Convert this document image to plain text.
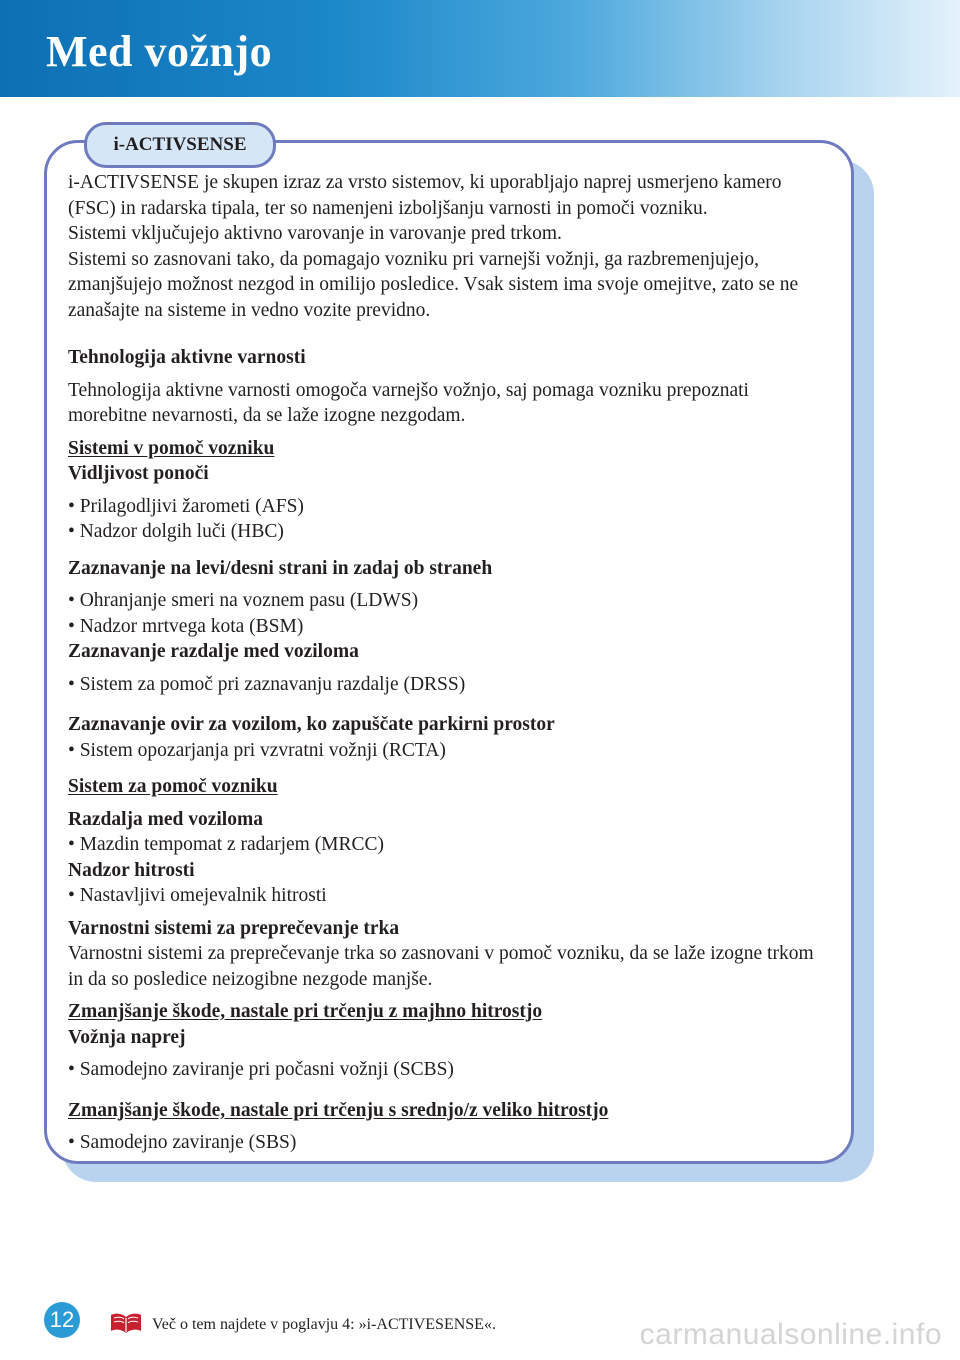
Med vožnjo
i-ACTIVSENSE

i-ACTIVSENSE je skupen izraz za vrsto sistemov, ki uporabljajo naprej usmerjeno kamero (FSC) in radarska tipala, ter so namenjeni izboljšanju varnosti in pomoči vozniku.

Sistemi vključujejo aktivno varovanje in varovanje pred trkom.

Sistemi so zasnovani tako, da pomagajo vozniku pri varnejši vožnji, ga razbremenjujejo, zmanjšujejo možnost nezgod in omilijo posledice. Vsak sistem ima svoje omejitve, zato se ne zanašajte na sisteme in vedno vozite previdno.

Tehnologija aktivne varnosti

Tehnologija aktivne varnosti omogoča varnejšo vožnjo, saj pomaga vozniku prepoznati morebitne nevarnosti, da se laže izogne nezgodam.

Sistemi v pomoč vozniku

Vidljivost ponoči

• Prilagodljivi žarometi (AFS)

• Nadzor dolgih luči (HBC)

Zaznavanje na levi/desni strani in zadaj ob straneh

• Ohranjanje smeri na voznem pasu (LDWS)

• Nadzor mrtvega kota (BSM)

Zaznavanje razdalje med voziloma

• Sistem za pomoč pri zaznavanju razdalje (DRSS)

Zaznavanje ovir za vozilom, ko zapuščate parkirni prostor

• Sistem opozarjanja pri vzvratni vožnji (RCTA)

Sistem za pomoč vozniku

Razdalja med voziloma

• Mazdin tempomat z radarjem (MRCC)

Nadzor hitrosti

• Nastavljivi omejevalnik hitrosti

Varnostni sistemi za preprečevanje trka

Varnostni sistemi za preprečevanje trka so zasnovani v pomoč vozniku, da se laže izogne trkom in da so posledice neizogibne nezgode manjše.

Zmanjšanje škode, nastale pri trčenju z majhno hitrostjo

Vožnja naprej

• Samodejno zaviranje pri počasni vožnji (SCBS)

Zmanjšanje škode, nastale pri trčenju s srednjo/z veliko hitrostjo

• Samodejno zaviranje (SBS)

12	Več o tem najdete v poglavju 4: »i-ACTIVESENSE«.	carmanualsonline.info
